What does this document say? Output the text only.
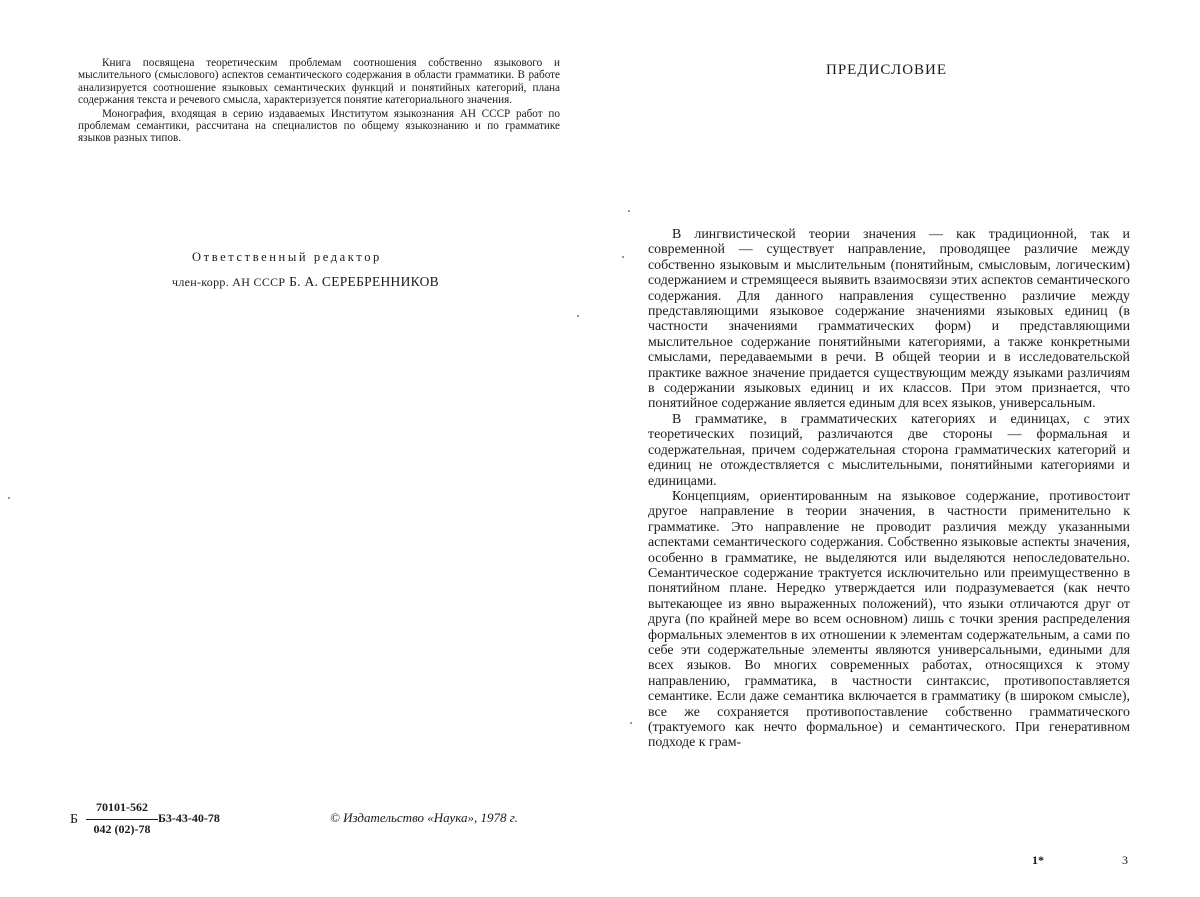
Книга посвящена теоретическим проблемам соотношения собственно языкового и мыслительного (смыслового) аспектов семантического содержания в области грамматики. В работе анализируется соотношение языковых семантических функций и понятийных категорий, плана содержания текста и речевого смысла, характеризуется понятие категориального значения.

Монография, входящая в серию издаваемых Институтом языкознания АН СССР работ по проблемам семантики, рассчитана на специалистов по общему языкознанию и по грамматике языков разных типов.

Ответственный редактор
член-корр. АН СССР Б. А. СЕРЕБРЕННИКОВ
Б
70101-562
042 (02)-78
Б3-43-40-78	© Издательство «Наука», 1978 г.
ПРЕДИСЛОВИЕ

В лингвистической теории значения — как традиционной, так и современной — существует направление, проводящее различие между собственно языковым и мыслительным (понятийным, смысловым, логическим) содержанием и стремящееся выявить взаимосвязи этих аспектов семантического содержания. Для данного направления существенно различие между представляющими языковое содержание значениями языковых единиц (в частности значениями грамматических форм) и представляющими мыслительное содержание понятийными категориями, а также конкретными смыслами, передаваемыми в речи. В общей теории и в исследовательской практике важное значение придается существующим между языками различиям в содержании языковых единиц и их классов. При этом признается, что понятийное содержание является единым для всех языков, универсальным.

В грамматике, в грамматических категориях и единицах, с этих теоретических позиций, различаются две стороны — формальная и содержательная, причем содержательная сторона грамматических категорий и единиц не отождествляется с мыслительными, понятийными категориями и единицами.

Концепциям, ориентированным на языковое содержание, противостоит другое направление в теории значения, в частности применительно к грамматике. Это направление не проводит различия между указанными аспектами семантического содержания. Собственно языковые аспекты значения, особенно в грамматике, не выделяются или выделяются непоследовательно. Семантическое содержание трактуется исключительно или преимущественно в понятийном плане. Нередко утверждается или подразумевается (как нечто вытекающее из явно выраженных положений), что языки отличаются друг от друга (по крайней мере во всем основном) лишь с точки зрения распределения формальных элементов в их отношении к элементам содержательным, а сами по себе эти содержательные элементы являются универсальными, едиными для всех языков. Во многих современных работах, относящихся к этому направлению, грамматика, в частности синтаксис, противопоставляется семантике. Если даже семантика включается в грамматику (в широком смысле), все же сохраняется противопоставление собственно грамматического (трактуемого как нечто формальное) и семантического. При генеративном подходе к грам-

1*	3
